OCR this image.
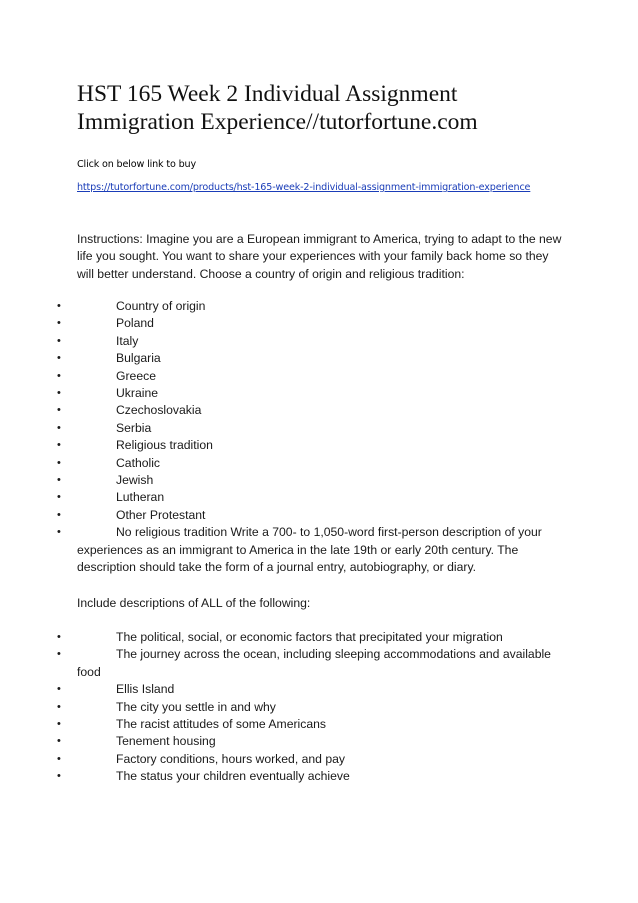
HST 165 Week 2 Individual Assignment
Immigration Experience//tutorfortune.com
Click on below link to buy
https://tutorfortune.com/products/hst-165-week-2-individual-assignment-immigration-experience

Instructions: Imagine you are a European immigrant to America, trying to adapt to the new life you sought. You want to share your experiences with your family back home so they will better understand. Choose a country of origin and religious tradition:

•	Country of origin
•	Poland
•	Italy
•	Bulgaria
•	Greece
•	Ukraine
•	Czechoslovakia
•	Serbia
•	Religious tradition
•	Catholic
•	Jewish
•	Lutheran
•	Other Protestant
•	No religious tradition Write a 700- to 1,050-word first-person description of your experiences as an immigrant to America in the late 19th or early 20th century. The description should take the form of a journal entry, autobiography, or diary.

Include descriptions of ALL of the following:

•	The political, social, or economic factors that precipitated your migration
•	The journey across the ocean, including sleeping accommodations and available food
•	Ellis Island
•	The city you settle in and why
•	The racist attitudes of some Americans
•	Tenement housing
•	Factory conditions, hours worked, and pay
•	The status your children eventually achieve
